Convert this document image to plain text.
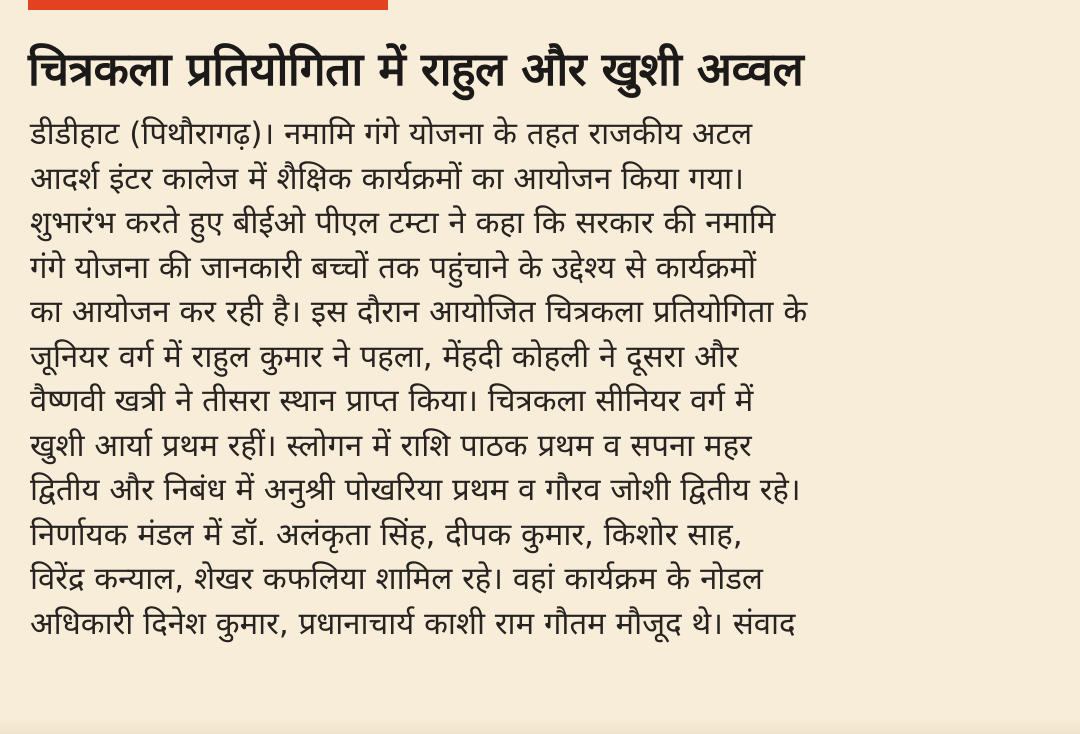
चित्रकला प्रतियोगिता में राहुल और खुशी अव्वल
डीडीहाट (पिथौरागढ़)। नमामि गंगे योजना के तहत राजकीय अटल
आदर्श इंटर कालेज में शैक्षिक कार्यक्रमों का आयोजन किया गया।
शुभारंभ करते हुए बीईओ पीएल टम्टा ने कहा कि सरकार की नमामि
गंगे योजना की जानकारी बच्चों तक पहुंचाने के उद्देश्य से कार्यक्रमों
का आयोजन कर रही है। इस दौरान आयोजित चित्रकला प्रतियोगिता के
जूनियर वर्ग में राहुल कुमार ने पहला, मेंहदी कोहली ने दूसरा और
वैष्णवी खत्री ने तीसरा स्थान प्राप्त किया। चित्रकला सीनियर वर्ग में
खुशी आर्या प्रथम रहीं। स्लोगन में राशि पाठक प्रथम व सपना महर
द्वितीय और निबंध में अनुश्री पोखरिया प्रथम व गौरव जोशी द्वितीय रहे।
निर्णायक मंडल में डॉ. अलंकृता सिंह, दीपक कुमार, किशोर साह,
विरेंद्र कन्याल, शेखर कफलिया शामिल रहे। वहां कार्यक्रम के नोडल
अधिकारी दिनेश कुमार, प्रधानाचार्य काशी राम गौतम मौजूद थे। संवाद
